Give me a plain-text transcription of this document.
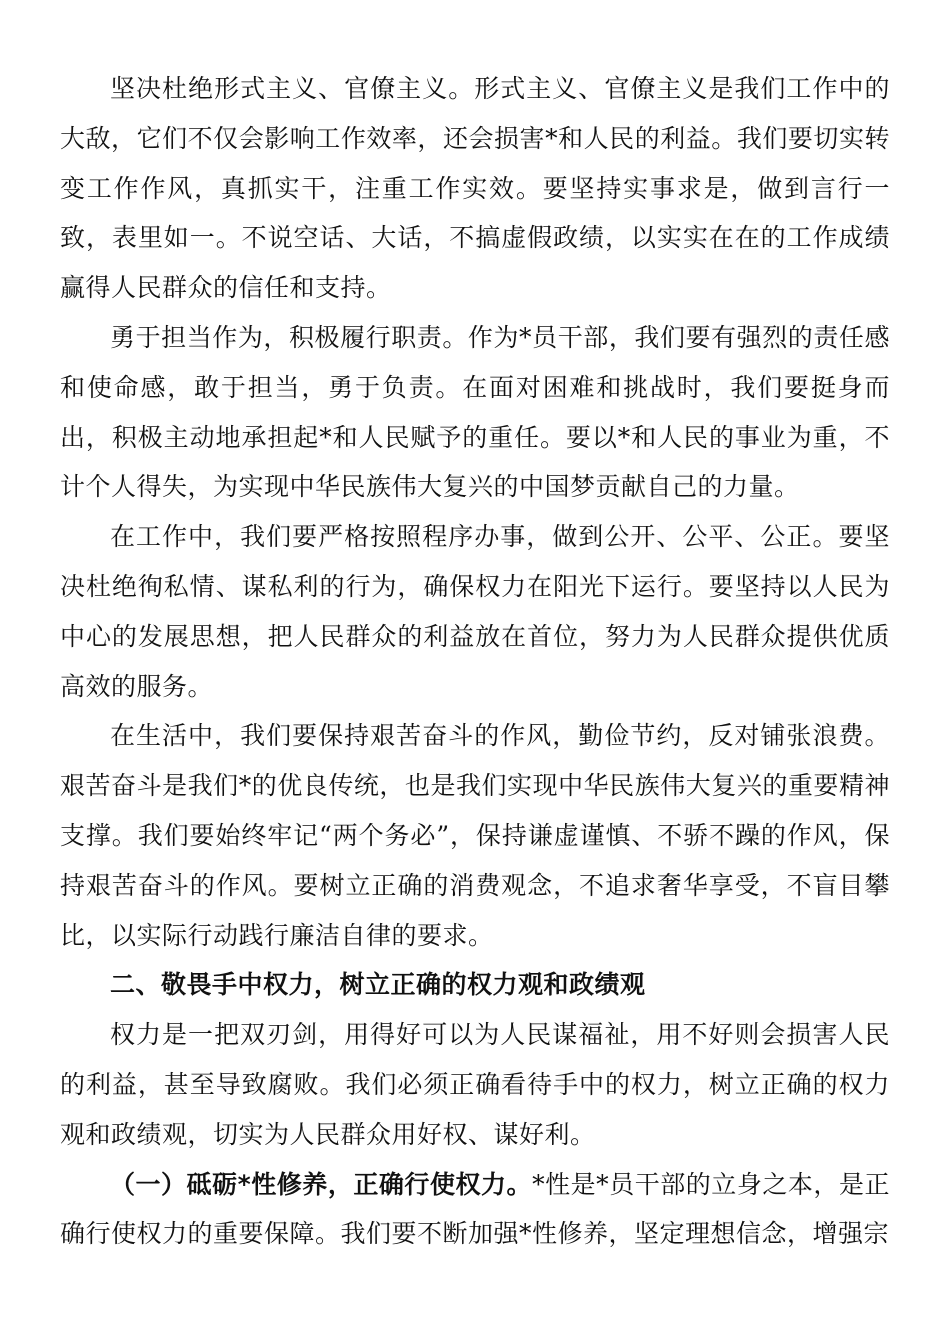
坚决杜绝形式主义、官僚主义。形式主义、官僚主义是我们工作中的大敌，它们不仅会影响工作效率，还会损害*和人民的利益。我们要切实转变工作作风，真抓实干，注重工作实效。要坚持实事求是，做到言行一致，表里如一。不说空话、大话，不搞虚假政绩，以实实在在的工作成绩赢得人民群众的信任和支持。

勇于担当作为，积极履行职责。作为*员干部，我们要有强烈的责任感和使命感，敢于担当，勇于负责。在面对困难和挑战时，我们要挺身而出，积极主动地承担起*和人民赋予的重任。要以*和人民的事业为重，不计个人得失，为实现中华民族伟大复兴的中国梦贡献自己的力量。

在工作中，我们要严格按照程序办事，做到公开、公平、公正。要坚决杜绝徇私情、谋私利的行为，确保权力在阳光下运行。要坚持以人民为中心的发展思想，把人民群众的利益放在首位，努力为人民群众提供优质高效的服务。

在生活中，我们要保持艰苦奋斗的作风，勤俭节约，反对铺张浪费。艰苦奋斗是我们*的优良传统，也是我们实现中华民族伟大复兴的重要精神支撑。我们要始终牢记“两个务必”，保持谦虚谨慎、不骄不躁的作风，保持艰苦奋斗的作风。要树立正确的消费观念，不追求奢华享受，不盲目攀比，以实际行动践行廉洁自律的要求。

二、敬畏手中权力，树立正确的权力观和政绩观

权力是一把双刃剑，用得好可以为人民谋福祉，用不好则会损害人民的利益，甚至导致腐败。我们必须正确看待手中的权力，树立正确的权力观和政绩观，切实为人民群众用好权、谋好利。

（一）砥砺*性修养，正确行使权力。*性是*员干部的立身之本，是正确行使权力的重要保障。我们要不断加强*性修养，坚定理想信念，增强宗
